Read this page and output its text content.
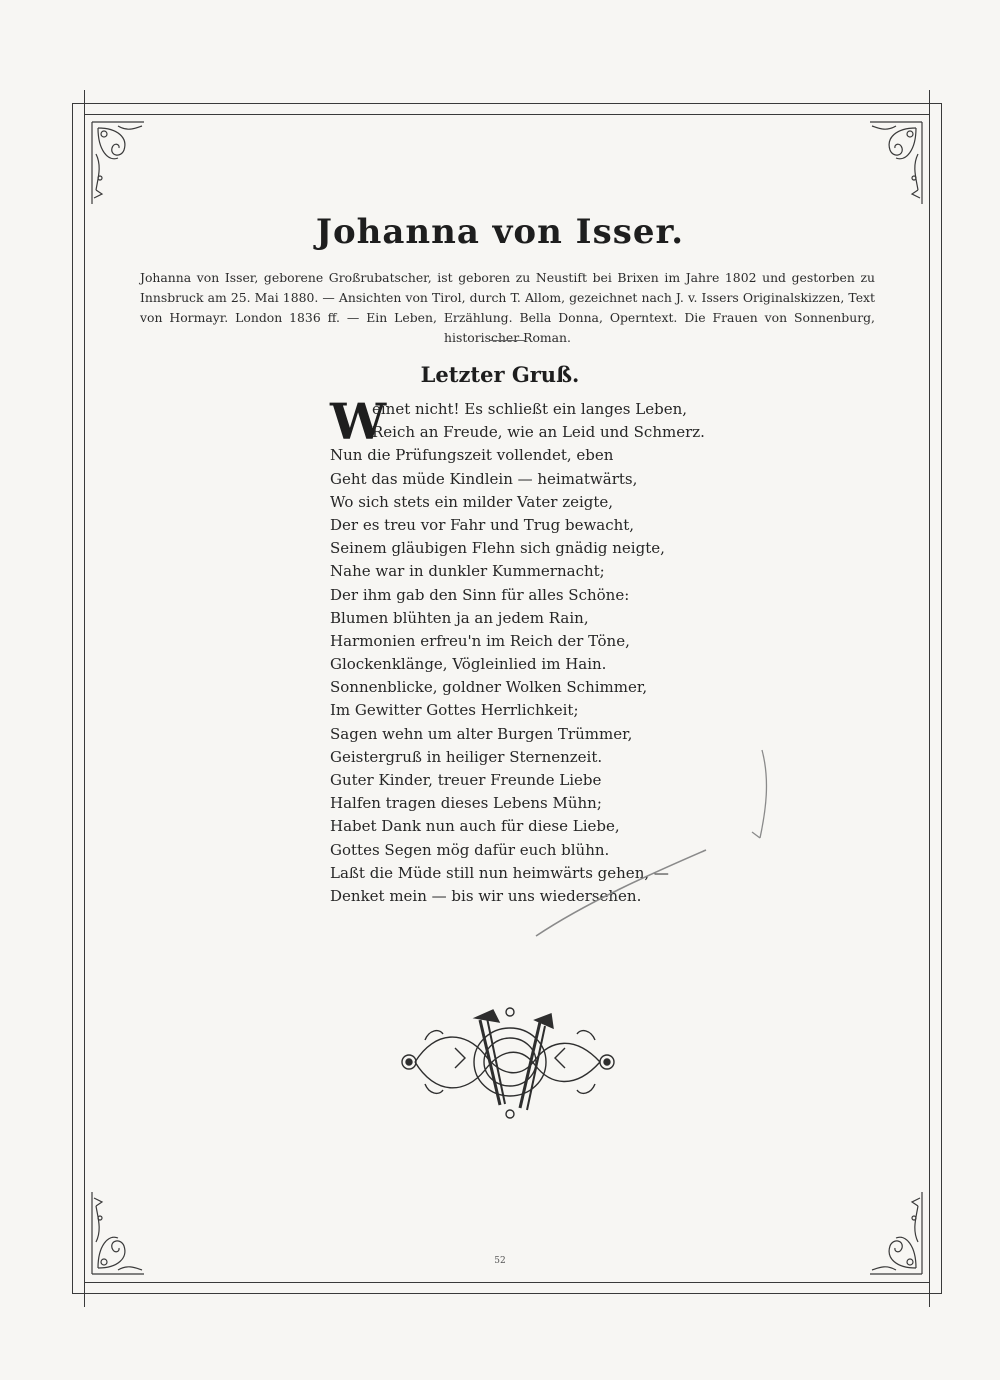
Johanna von Isser.

Johanna von Isser, geborene Großrubatscher, ist geboren zu Neustift bei Brixen im Jahre 1802 und gestorben zu Innsbruck am 25. Mai 1880. — Ansichten von Tirol, durch T. Allom, gezeichnet nach J. v. Issers Originalskizzen, Text von Hormayr. London 1836 ff. — Ein Leben, Erzählung. Bella Donna, Operntext. Die Frauen von Sonnenburg, historischer Roman.

Letzter Gruß.
W
einet nicht! Es schließt ein langes Leben,
Reich an Freude, wie an Leid und Schmerz.
Nun die Prüfungszeit vollendet, eben
Geht das müde Kindlein — heimatwärts,
Wo sich stets ein milder Vater zeigte,
Der es treu vor Fahr und Trug bewacht,
Seinem gläubigen Flehn sich gnädig neigte,
Nahe war in dunkler Kummernacht;
Der ihm gab den Sinn für alles Schöne:
Blumen blühten ja an jedem Rain,
Harmonien erfreu'n im Reich der Töne,
Glockenklänge, Vögleinlied im Hain.
Sonnenblicke, goldner Wolken Schimmer,
Im Gewitter Gottes Herrlichkeit;
Sagen wehn um alter Burgen Trümmer,
Geistergruß in heiliger Sternenzeit.
Guter Kinder, treuer Freunde Liebe
Halfen tragen dieses Lebens Mühn;
Habet Dank nun auch für diese Liebe,
Gottes Segen mög dafür euch blühn.
Laßt die Müde still nun heimwärts gehen, —
Denket mein — bis wir uns wiedersehen.
52
